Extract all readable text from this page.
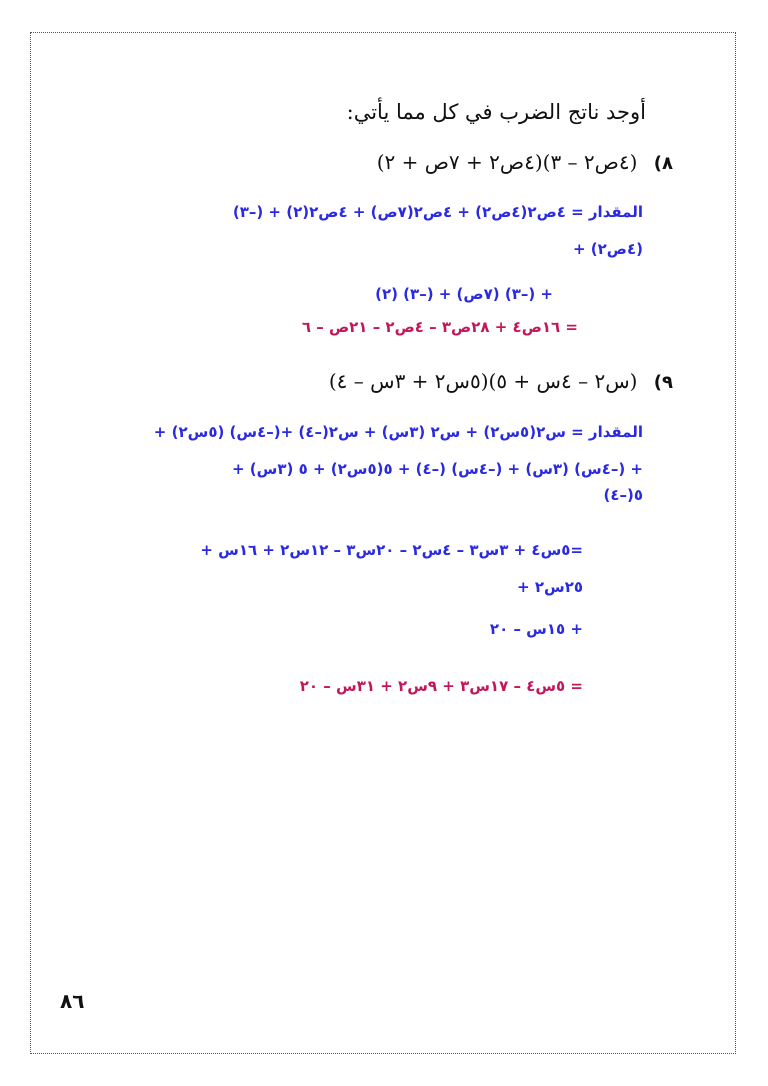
أوجد ناتج الضرب في كل مما يأتي:
٨) (٤ص٢ – ٣)(٤ص٢ + ٧ص + ٢)
المقدار = ٤ص٢(٤ص٢) + ٤ص٢(٧ص) + ٤ص٢(٢) + (–٣)
(٤ص٢) +
+ (–٣) (٧ص) + (–٣) (٢)
= ١٦ص٤ + ٢٨ص٣ – ٤ص٢ – ٢١ص – ٦
٩) (س٢ – ٤س + ٥)(٥س٢ + ٣س – ٤)
المقدار = س٢(٥س٢) + س٢ (٣س) + س٢(–٤) +(–٤س) (٥س٢) +
+ (–٤س) (٣س) + (–٤س) (–٤) + ٥(٥س٢) + ٥ (٣س) +
٥(–٤)
=٥س٤ + ٣س٣ – ٤س٢ – ٢٠س٣ – ١٢س٢ + ١٦س +
٢٥س٢ +
+ ١٥س – ٢٠
= ٥س٤ – ١٧س٣ + ٩س٢ + ٣١س – ٢٠
٨٦
